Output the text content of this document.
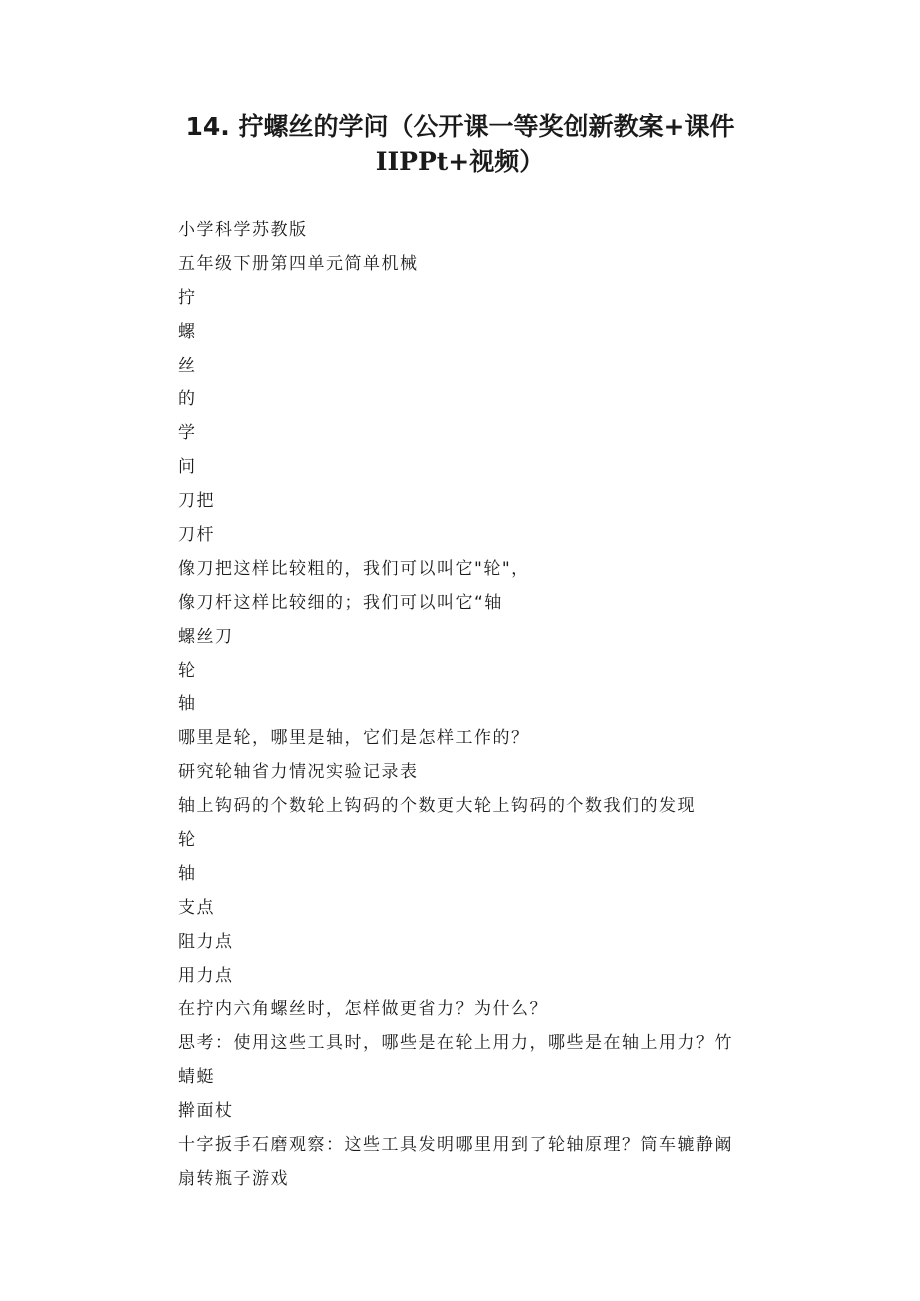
14. 拧螺丝的学问（公开课一等奖创新教案+课件
IIPPt+视频）
小学科学苏教版
五年级下册第四单元简单机械
拧
螺
丝
的
学
问
刀把
刀杆
像刀把这样比较粗的，我们可以叫它"轮"，
像刀杆这样比较细的；我们可以叫它“轴
螺丝刀
轮
轴
哪里是轮，哪里是轴，它们是怎样工作的？
研究轮轴省力情况实验记录表
轴上钩码的个数轮上钩码的个数更大轮上钩码的个数我们的发现
轮
轴
支点
阻力点
用力点
在拧内六角螺丝时，怎样做更省力？为什么？
思考：使用这些工具时，哪些是在轮上用力，哪些是在轴上用力？竹
蜻蜓
擀面杖
十字扳手石磨观察：这些工具发明哪里用到了轮轴原理？筒车辘静阚
扇转瓶子游戏
